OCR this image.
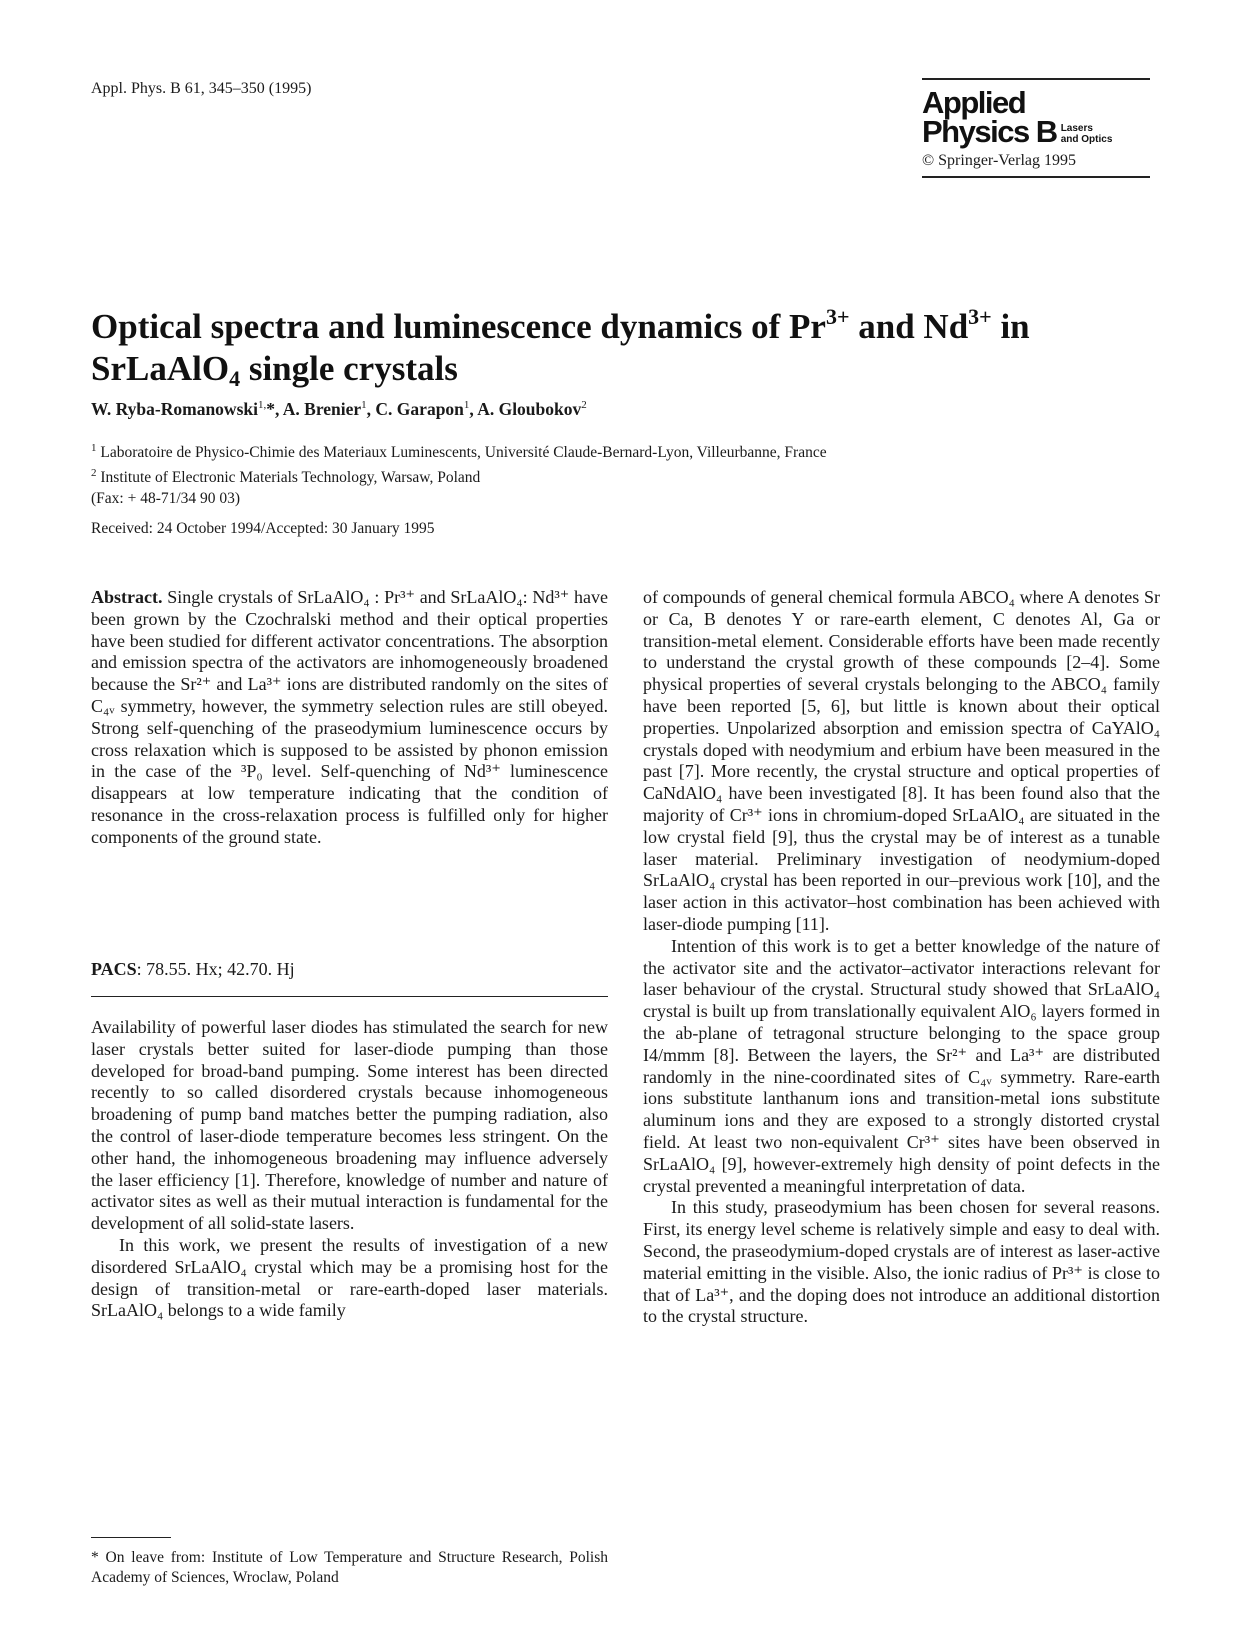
Appl. Phys. B 61, 345–350 (1995)	Applied
Physics B Lasers
and Optics
© Springer-Verlag 1995
Optical spectra and luminescence dynamics of $Pr^{3+}$ and $Nd^{3+}$ in
SrLaAlO$_4$ single crystals
W. Ryba-Romanowski$^{1,}$*, A. Brenier$^1$, C. Garapon$^1$, A. Gloubokov$^2$
$^1$ Laboratoire de Physico-Chimie des Materiaux Luminescents, Université Claude-Bernard-Lyon, Villeurbanne, France
$^2$ Institute of Electronic Materials Technology, Warsaw, Poland
(Fax: + 48-71/34 90 03)
Received: 24 October 1994/Accepted: 30 January 1995

Abstract. Single crystals of SrLaAlO₄ : Pr³⁺ and SrLaAlO₄: Nd³⁺ have been grown by the Czochralski method and their optical properties have been studied for different activator concentrations. The absorption and emission spectra of the activators are inhomogeneously broadened because the Sr²⁺ and La³⁺ ions are distributed randomly on the sites of C₄ᵥ symmetry, however, the symmetry selection rules are still obeyed. Strong self-quenching of the praseodymium luminescence occurs by cross relaxation which is supposed to be assisted by phonon emission in the case of the ³P₀ level. Self-quenching of Nd³⁺ luminescence disappears at low temperature indicating that the condition of resonance in the cross-relaxation process is fulfilled only for higher components of the ground state.

PACS: 78.55. Hx; 42.70. Hj

Availability of powerful laser diodes has stimulated the search for new laser crystals better suited for laser-diode pumping than those developed for broad-band pumping. Some interest has been directed recently to so called disordered crystals because inhomogeneous broadening of pump band matches better the pumping radiation, also the control of laser-diode temperature becomes less stringent. On the other hand, the inhomogeneous broadening may influence adversely the laser efficiency [1]. Therefore, knowledge of number and nature of activator sites as well as their mutual interaction is fundamental for the development of all solid-state lasers.

In this work, we present the results of investigation of a new disordered SrLaAlO₄ crystal which may be a promising host for the design of transition-metal or rare-earth-doped laser materials. SrLaAlO₄ belongs to a wide family

* On leave from: Institute of Low Temperature and Structure Research, Polish Academy of Sciences, Wroclaw, Poland

of compounds of general chemical formula ABCO₄ where A denotes Sr or Ca, B denotes Y or rare-earth element, C denotes Al, Ga or transition-metal element. Considerable efforts have been made recently to understand the crystal growth of these compounds [2–4]. Some physical properties of several crystals belonging to the ABCO₄ family have been reported [5, 6], but little is known about their optical properties. Unpolarized absorption and emission spectra of CaYAlO₄ crystals doped with neodymium and erbium have been measured in the past [7]. More recently, the crystal structure and optical properties of CaNdAlO₄ have been investigated [8]. It has been found also that the majority of Cr³⁺ ions in chromium-doped SrLaAlO₄ are situated in the low crystal field [9], thus the crystal may be of interest as a tunable laser material. Preliminary investigation of neodymium-doped SrLaAlO₄ crystal has been reported in our–previous work [10], and the laser action in this activator–host combination has been achieved with laser-diode pumping [11].

Intention of this work is to get a better knowledge of the nature of the activator site and the activator–activator interactions relevant for laser behaviour of the crystal. Structural study showed that SrLaAlO₄ crystal is built up from translationally equivalent AlO₆ layers formed in the ab-plane of tetragonal structure belonging to the space group I4/mmm [8]. Between the layers, the Sr²⁺ and La³⁺ are distributed randomly in the nine-coordinated sites of C₄ᵥ symmetry. Rare-earth ions substitute lanthanum ions and transition-metal ions substitute aluminum ions and they are exposed to a strongly distorted crystal field. At least two non-equivalent Cr³⁺ sites have been observed in SrLaAlO₄ [9], however-extremely high density of point defects in the crystal prevented a meaningful interpretation of data.

In this study, praseodymium has been chosen for several reasons. First, its energy level scheme is relatively simple and easy to deal with. Second, the praseodymium-doped crystals are of interest as laser-active material emitting in the visible. Also, the ionic radius of Pr³⁺ is close to that of La³⁺, and the doping does not introduce an additional distortion to the crystal structure.
